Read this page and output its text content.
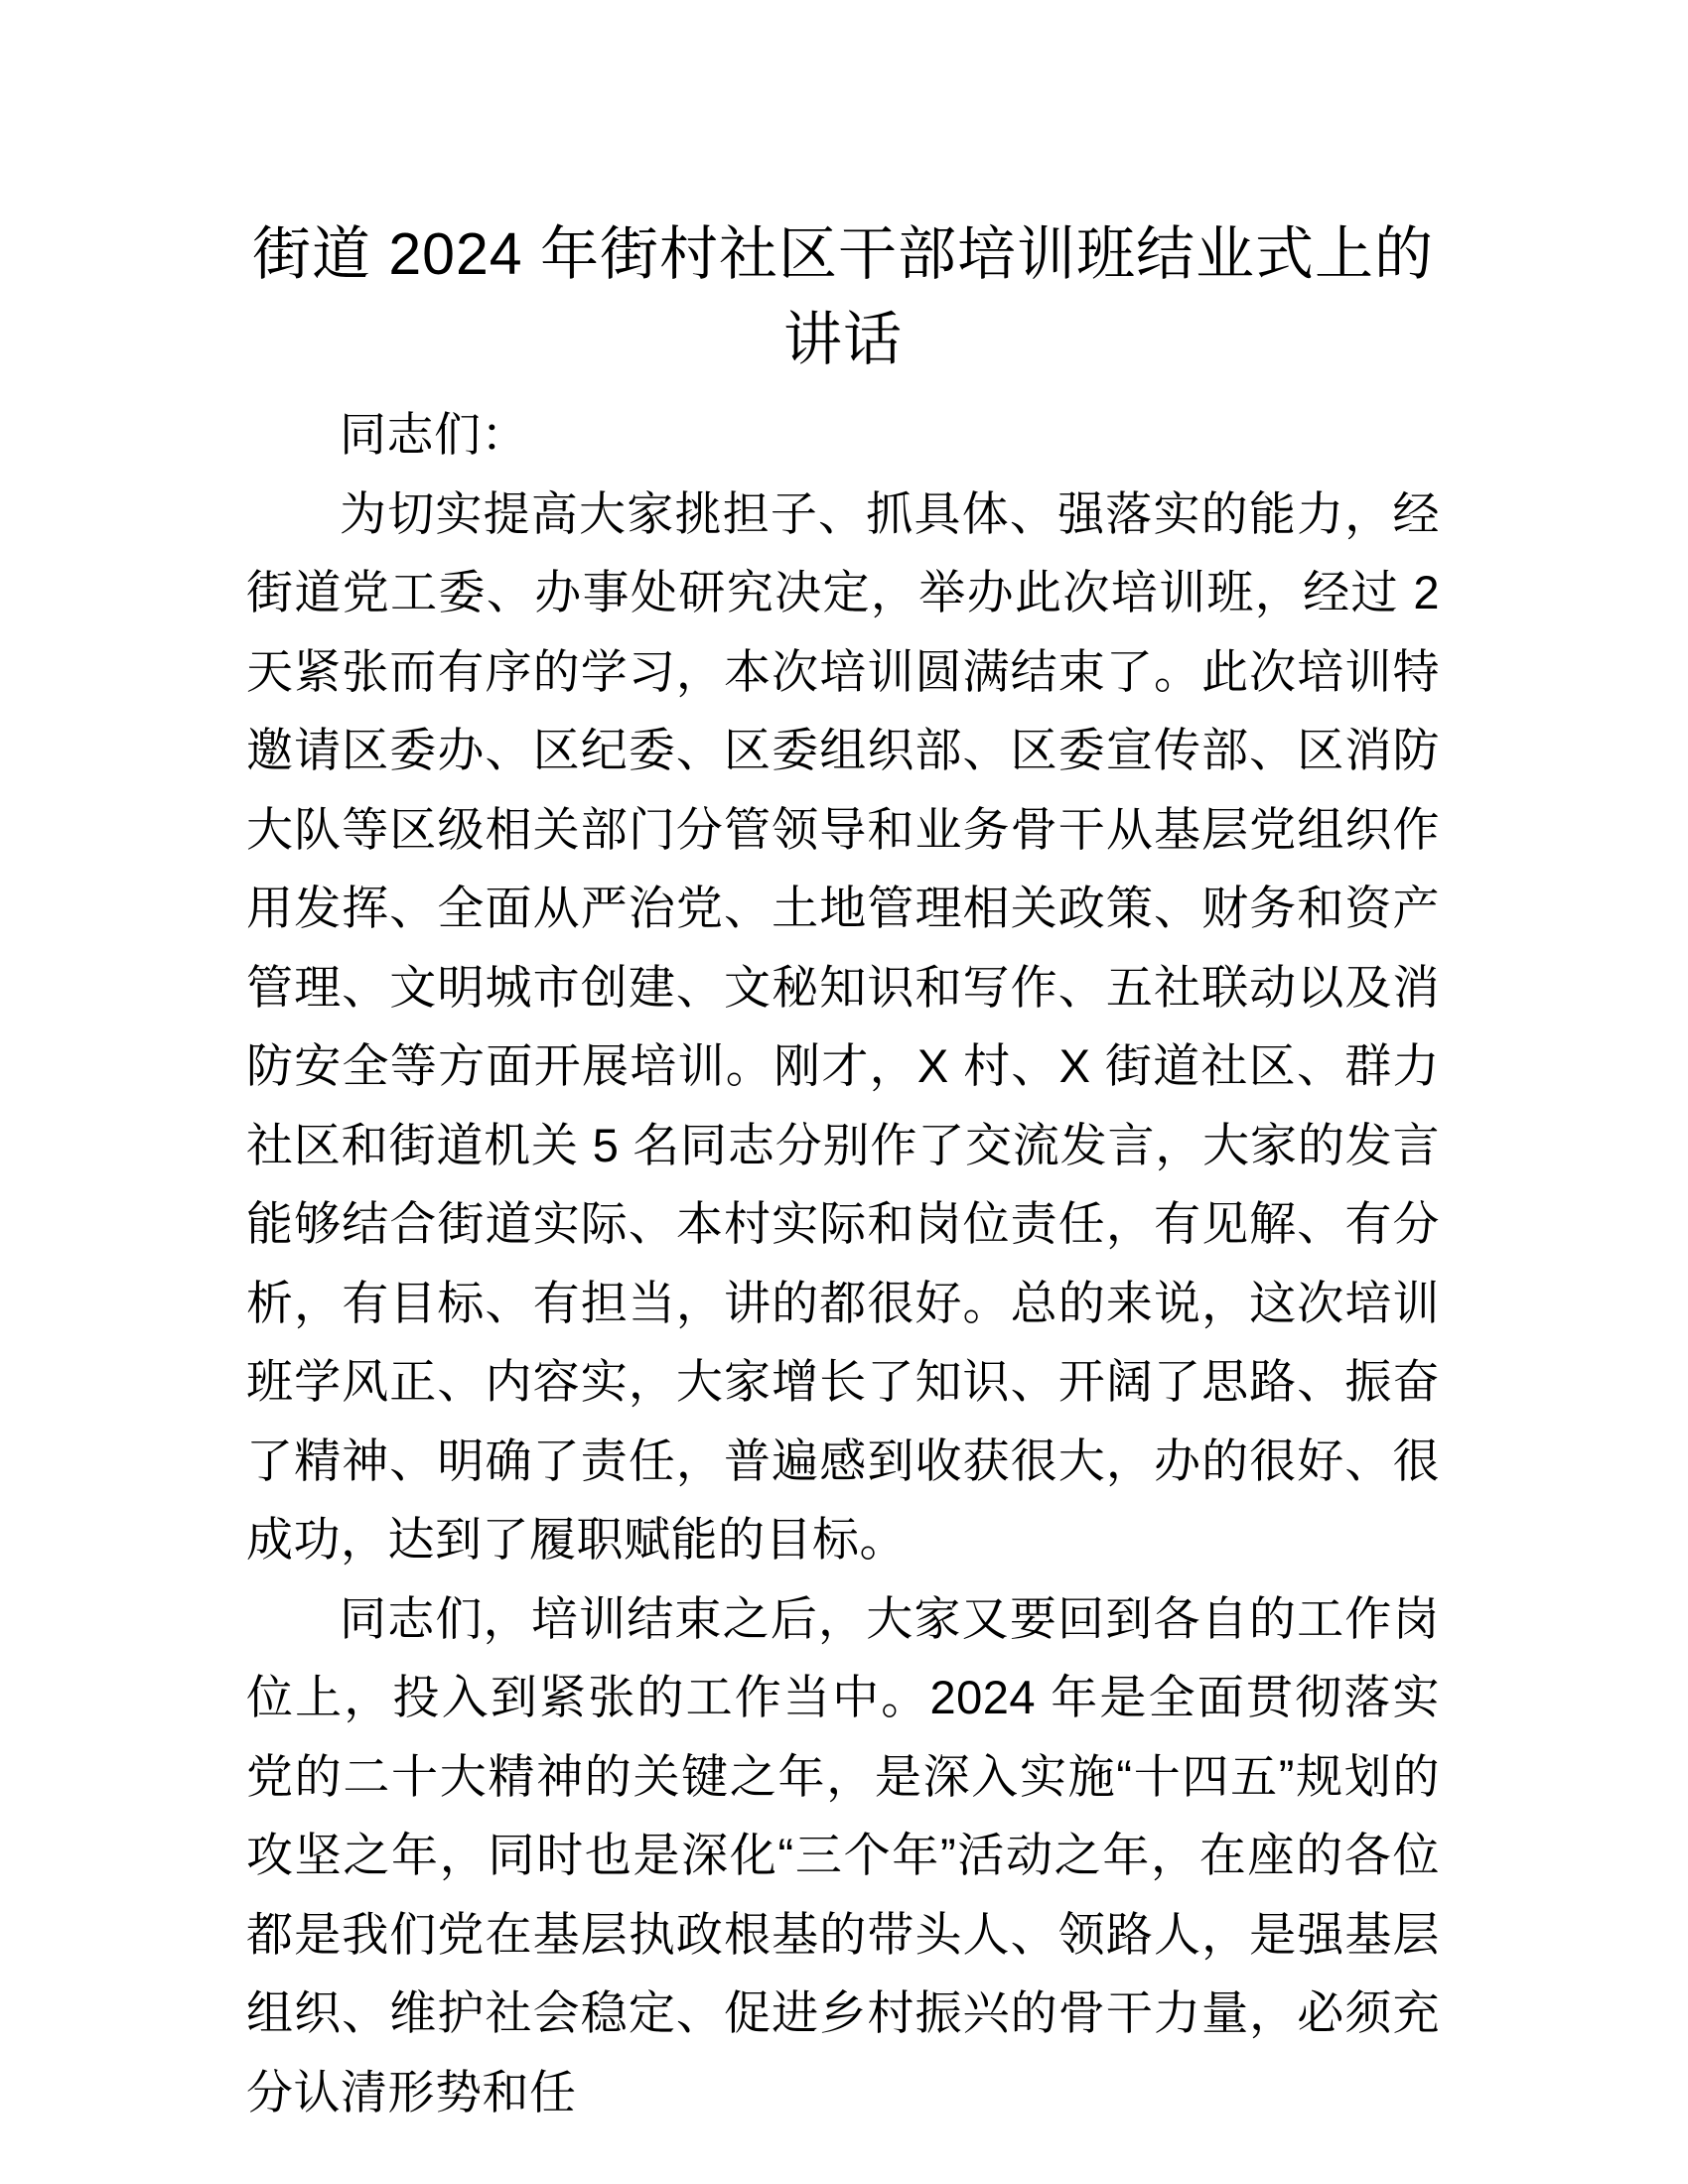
街道 2024 年街村社区干部培训班结业式上的讲话

同志们：

为切实提高大家挑担子、抓具体、强落实的能力，经街道党工委、办事处研究决定，举办此次培训班，经过 2 天紧张而有序的学习，本次培训圆满结束了。此次培训特邀请区委办、区纪委、区委组织部、区委宣传部、区消防大队等区级相关部门分管领导和业务骨干从基层党组织作用发挥、全面从严治党、土地管理相关政策、财务和资产管理、文明城市创建、文秘知识和写作、五社联动以及消防安全等方面开展培训。刚才，X 村、X 街道社区、群力社区和街道机关 5 名同志分别作了交流发言，大家的发言能够结合街道实际、本村实际和岗位责任，有见解、有分析，有目标、有担当，讲的都很好。总的来说，这次培训班学风正、内容实，大家增长了知识、开阔了思路、振奋了精神、明确了责任，普遍感到收获很大，办的很好、很成功，达到了履职赋能的目标。

同志们，培训结束之后，大家又要回到各自的工作岗位上，投入到紧张的工作当中。2024 年是全面贯彻落实党的二十大精神的关键之年，是深入实施“十四五”规划的攻坚之年，同时也是深化“三个年”活动之年，在座的各位都是我们党在基层执政根基的带头人、领路人，是强基层组织、维护社会稳定、促进乡村振兴的骨干力量，必须充分认清形势和任
